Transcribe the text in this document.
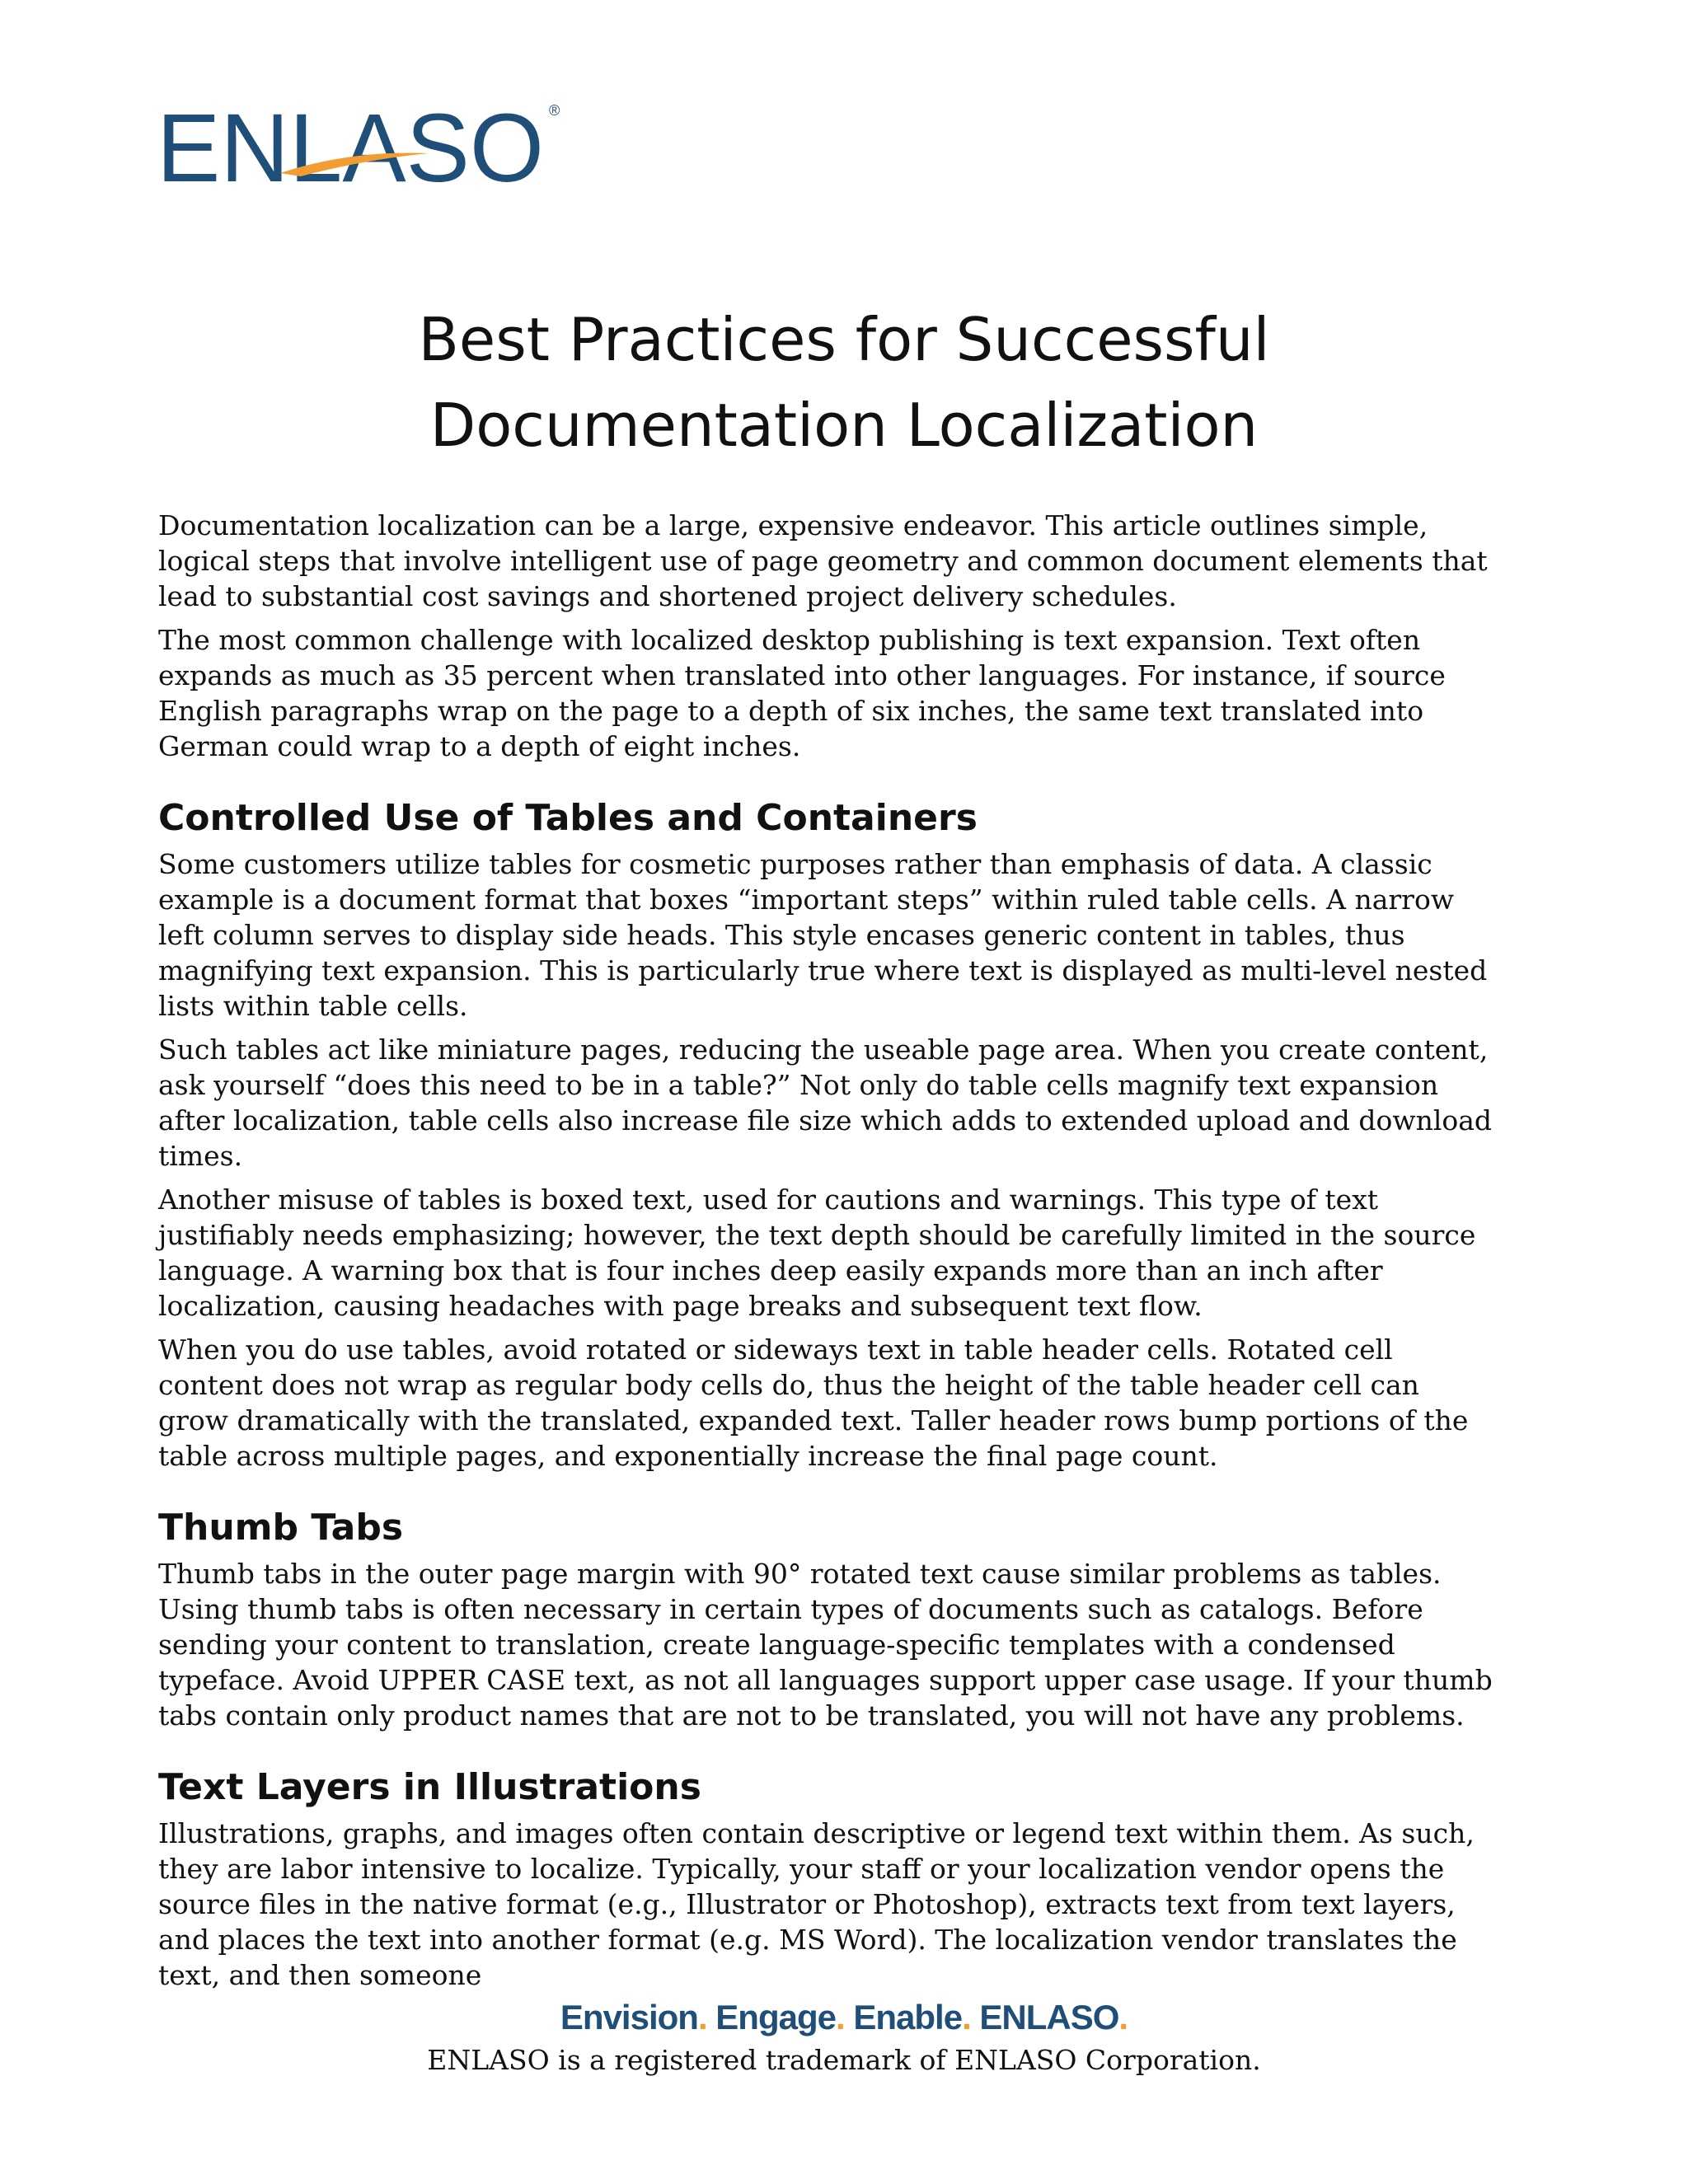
ENLASO ®
Best Practices for Successful
Documentation Localization

Documentation localization can be a large, expensive endeavor. This article outlines simple, logical steps that involve intelligent use of page geometry and common document elements that lead to substantial cost savings and shortened project delivery schedules.

The most common challenge with localized desktop publishing is text expansion. Text often expands as much as 35 percent when translated into other languages. For instance, if source English paragraphs wrap on the page to a depth of six inches, the same text translated into German could wrap to a depth of eight inches.

Controlled Use of Tables and Containers

Some customers utilize tables for cosmetic purposes rather than emphasis of data. A classic example is a document format that boxes “important steps” within ruled table cells. A narrow left column serves to display side heads. This style encases generic content in tables, thus magnifying text expansion. This is particularly true where text is displayed as multi-level nested lists within table cells.

Such tables act like miniature pages, reducing the useable page area. When you create content, ask yourself “does this need to be in a table?” Not only do table cells magnify text expansion after localization, table cells also increase file size which adds to extended upload and download times.

Another misuse of tables is boxed text, used for cautions and warnings. This type of text justifiably needs emphasizing; however, the text depth should be carefully limited in the source language. A warning box that is four inches deep easily expands more than an inch after localization, causing headaches with page breaks and subsequent text flow.

When you do use tables, avoid rotated or sideways text in table header cells. Rotated cell content does not wrap as regular body cells do, thus the height of the table header cell can grow dramatically with the translated, expanded text. Taller header rows bump portions of the table across multiple pages, and exponentially increase the final page count.

Thumb Tabs

Thumb tabs in the outer page margin with 90° rotated text cause similar problems as tables. Using thumb tabs is often necessary in certain types of documents such as catalogs. Before sending your content to translation, create language-specific templates with a condensed typeface. Avoid UPPER CASE text, as not all languages support upper case usage. If your thumb tabs contain only product names that are not to be translated, you will not have any problems.

Text Layers in Illustrations

Illustrations, graphs, and images often contain descriptive or legend text within them. As such, they are labor intensive to localize. Typically, your staff or your localization vendor opens the source files in the native format (e.g., Illustrator or Photoshop), extracts text from text layers, and places the text into another format (e.g. MS Word). The localization vendor translates the text, and then someone

Envision. Engage. Enable. ENLASO.
ENLASO is a registered trademark of ENLASO Corporation.
